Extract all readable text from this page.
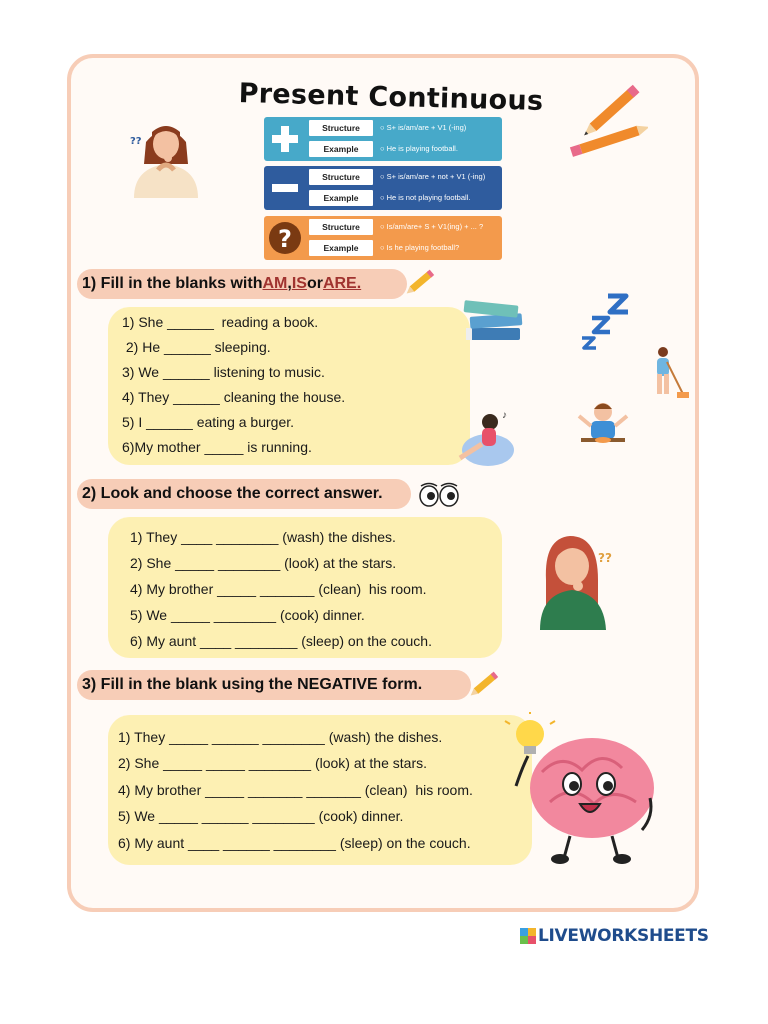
Present Continuous
??
Structure
Example
○ S+ is/am/are + V1 (-ing)
○ He is playing football.
Structure
Example
○ S+ is/am/are + not + V1 (-ing)
○ He is not playing football.
?	Structure
Example
○ Is/am/are+ S + V1(ing) + ... ?
○ Is he playing football?
1) Fill in the blanks with AM , IS or ARE.
1) She ______  reading a book.
2) He ______ sleeping.
3) We ______ listening to music.
4) They ______ cleaning the house.
5) I ______ eating a burger.
6)My mother _____ is running.
♪
2) Look and choose the correct answer.
1) They ____ ________ (wash) the dishes.
2) She _____ ________ (look) at the stars.
4) My brother _____ _______ (clean)  his room.
5) We _____ ________ (cook) dinner.
6) My aunt ____ ________ (sleep) on the couch.
??
3) Fill in the blank using the NEGATIVE form.
1) They _____ ______ ________ (wash) the dishes.
2) She _____ _____ ________ (look) at the stars.
4) My brother _____ _______ _______ (clean)  his room.
5) We _____ ______ ________ (cook) dinner.
6) My aunt ____ ______ ________ (sleep) on the couch.
LIVEWORKSHEETS
